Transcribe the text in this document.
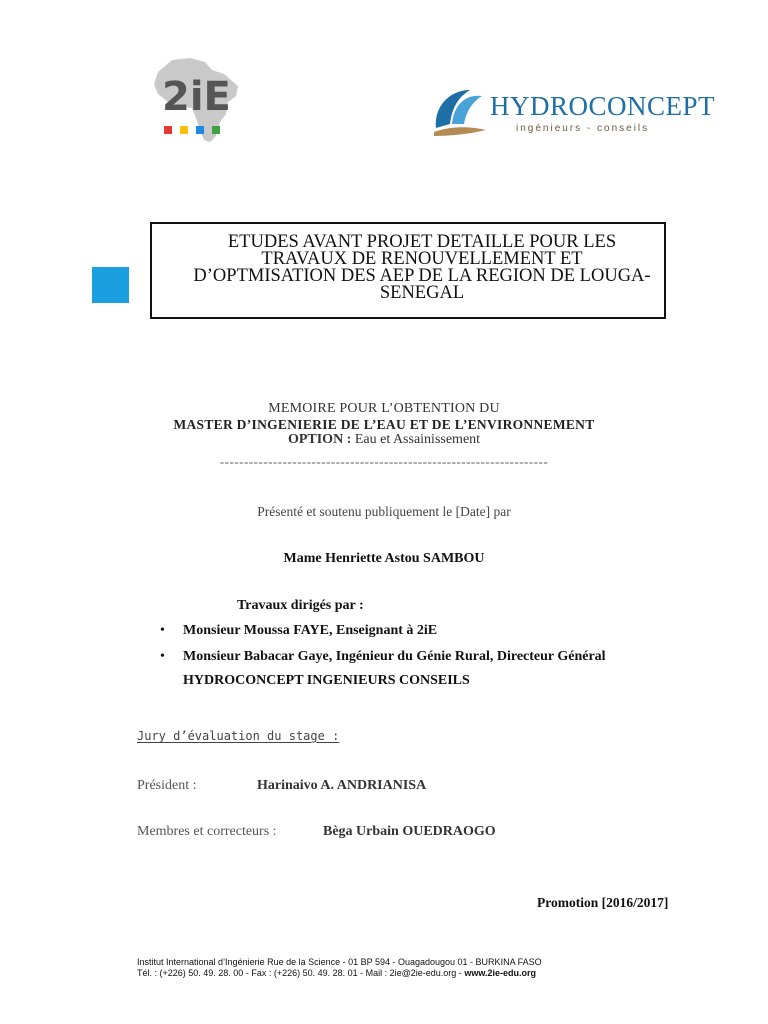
2iE	HYDROCONCEPT
ingénieurs - conseils
ETUDES AVANT PROJET DETAILLE POUR LES TRAVAUX DE RENOUVELLEMENT ET D’OPTMISATION DES AEP DE LA REGION DE LOUGA-SENEGAL
MEMOIRE POUR L’OBTENTION DU
MASTER D’INGENIERIE DE L’EAU ET DE L’ENVIRONNEMENT
OPTION : Eau et Assainissement
--------------------------------------------------------------------
Présenté et soutenu publiquement le [Date] par
Mame Henriette Astou SAMBOU
Travaux dirigés par :
• Monsieur Moussa FAYE, Enseignant à 2iE
• Monsieur Babacar Gaye, Ingénieur du Génie Rural, Directeur Général
HYDROCONCEPT INGENIEURS CONSEILS
Jury d’évaluation du stage :
Président :	Harinaivo A. ANDRIANISA
Membres et correcteurs :	Bèga Urbain OUEDRAOGO
Promotion [2016/2017]
Institut International d’Ingénierie Rue de la Science - 01 BP 594 - Ouagadougou 01 - BURKINA FASO
Tél. : (+226) 50. 49. 28. 00 - Fax : (+226) 50. 49. 28. 01 - Mail : 2ie@2ie-edu.org - www.2ie-edu.org
